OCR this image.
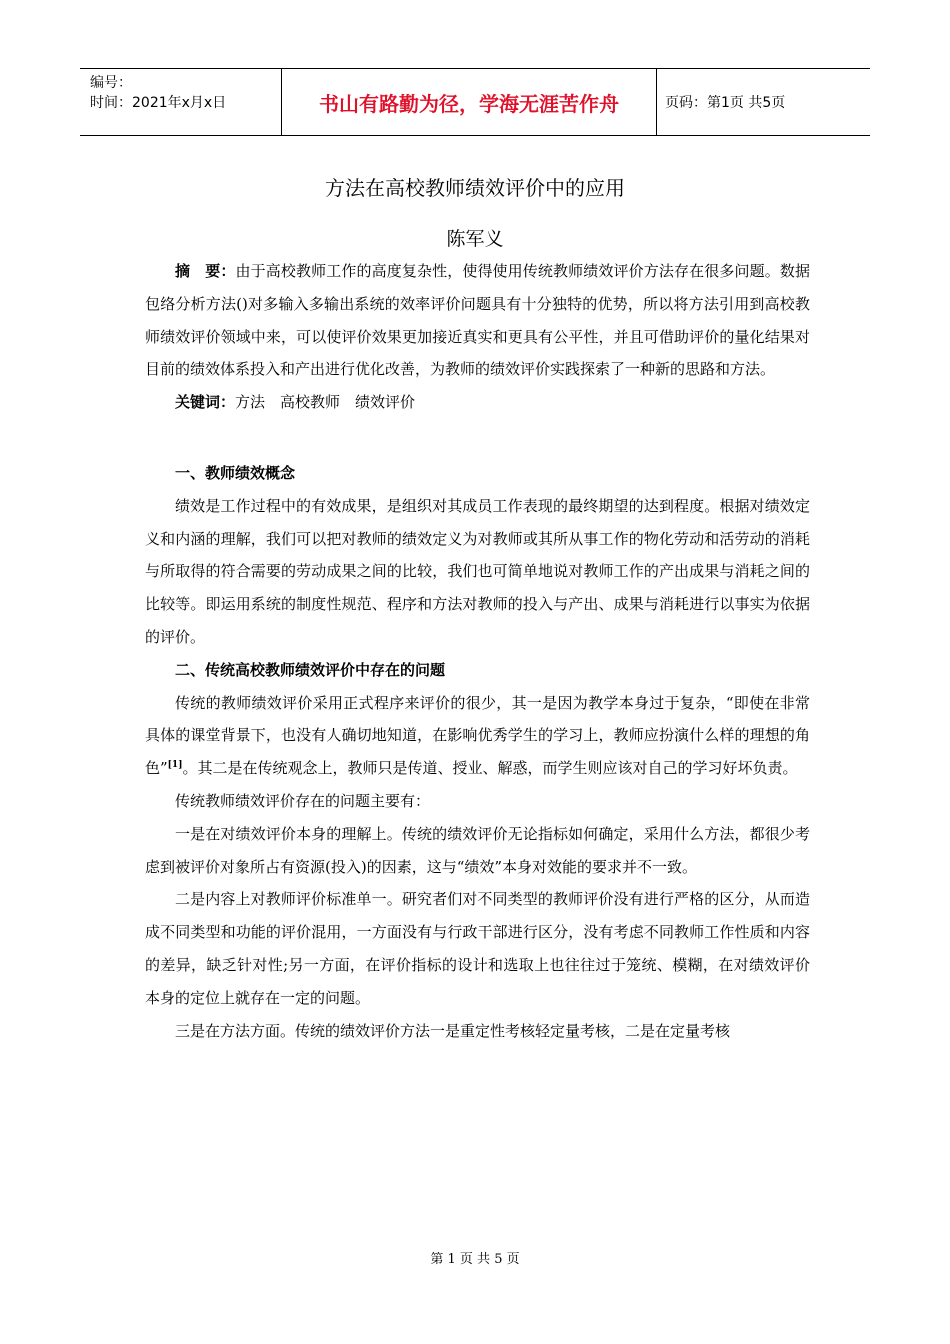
编号：
时间：2021年x月x日	书山有路勤为径，学海无涯苦作舟	页码：第1页 共5页
方法在高校教师绩效评价中的应用
陈军义

摘　要：由于高校教师工作的高度复杂性，使得使用传统教师绩效评价方法存在很多问题。数据包络分析方法()对多输入多输出系统的效率评价问题具有十分独特的优势，所以将方法引用到高校教师绩效评价领域中来，可以使评价效果更加接近真实和更具有公平性，并且可借助评价的量化结果对目前的绩效体系投入和产出进行优化改善，为教师的绩效评价实践探索了一种新的思路和方法。

关键词：方法　高校教师　绩效评价

一、教师绩效概念

绩效是工作过程中的有效成果，是组织对其成员工作表现的最终期望的达到程度。根据对绩效定义和内涵的理解，我们可以把对教师的绩效定义为对教师或其所从事工作的物化劳动和活劳动的消耗与所取得的符合需要的劳动成果之间的比较，我们也可简单地说对教师工作的产出成果与消耗之间的比较等。即运用系统的制度性规范、程序和方法对教师的投入与产出、成果与消耗进行以事实为依据的评价。

二、传统高校教师绩效评价中存在的问题

传统的教师绩效评价采用正式程序来评价的很少，其一是因为教学本身过于复杂，“即使在非常具体的课堂背景下，也没有人确切地知道，在影响优秀学生的学习上，教师应扮演什么样的理想的角色”[1]。其二是在传统观念上，教师只是传道、授业、解惑，而学生则应该对自己的学习好坏负责。

传统教师绩效评价存在的问题主要有：

一是在对绩效评价本身的理解上。传统的绩效评价无论指标如何确定，采用什么方法，都很少考虑到被评价对象所占有资源(投入)的因素，这与“绩效”本身对效能的要求并不一致。

二是内容上对教师评价标准单一。研究者们对不同类型的教师评价没有进行严格的区分，从而造成不同类型和功能的评价混用，一方面没有与行政干部进行区分，没有考虑不同教师工作性质和内容的差异，缺乏针对性;另一方面，在评价指标的设计和选取上也往往过于笼统、模糊，在对绩效评价本身的定位上就存在一定的问题。

三是在方法方面。传统的绩效评价方法一是重定性考核轻定量考核，二是在定量考核

第 1 页 共 5 页
